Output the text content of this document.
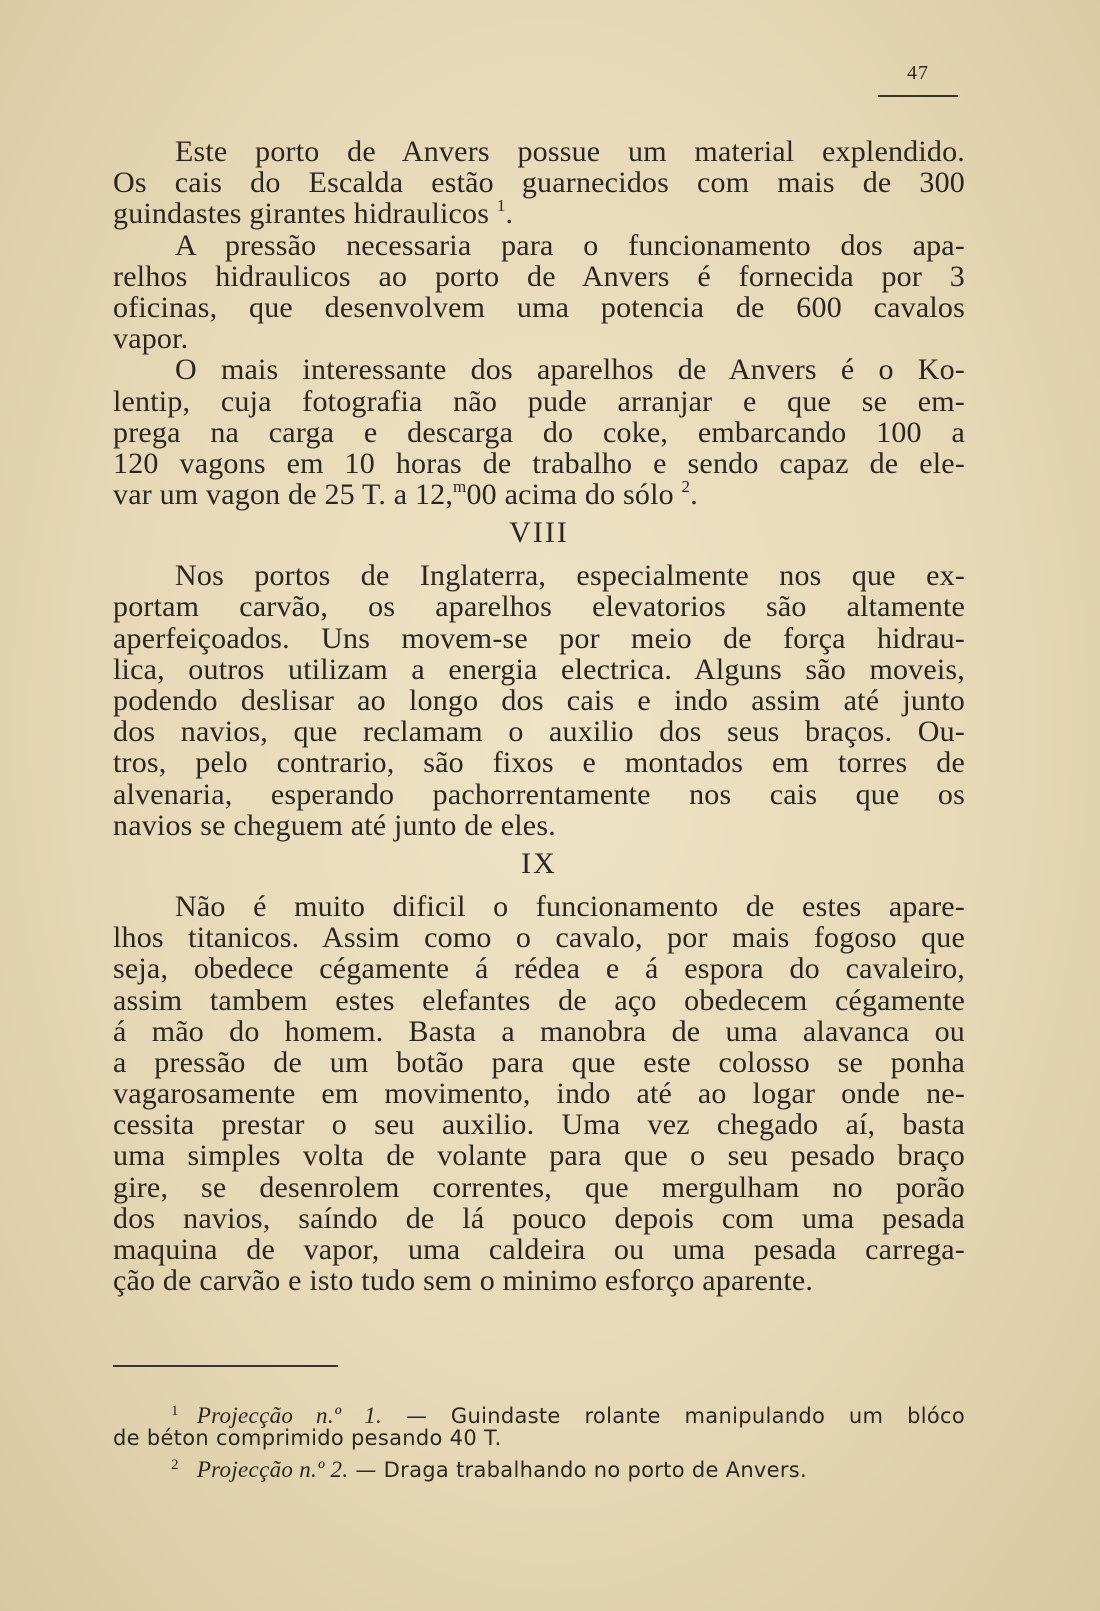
47
Este porto de Anvers possue um material explendido.
Os cais do Escalda estão guarnecidos com mais de 300
guindastes girantes hidraulicos $^1$.
A pressão necessaria para o funcionamento dos apa-
relhos hidraulicos ao porto de Anvers é fornecida por 3
oficinas, que desenvolvem uma potencia de 600 cavalos
vapor.
O mais interessante dos aparelhos de Anvers é o Ko-
lentip, cuja fotografia não pude arranjar e que se em-
prega na carga e descarga do coke, embarcando 100 a
120 vagons em 10 horas de trabalho e sendo capaz de ele-
var um vagon de 25 T. a 12,$^m$00 acima do sólo $^2$.
VIII
Nos portos de Inglaterra, especialmente nos que ex-
portam carvão, os aparelhos elevatorios são altamente
aperfeiçoados. Uns movem-se por meio de força hidrau-
lica, outros utilizam a energia electrica. Alguns são moveis,
podendo deslisar ao longo dos cais e indo assim até junto
dos navios, que reclamam o auxilio dos seus braços. Ou-
tros, pelo contrario, são fixos e montados em torres de
alvenaria, esperando pachorrentamente nos cais que os
navios se cheguem até junto de eles.
IX
Não é muito dificil o funcionamento de estes apare-
lhos titanicos. Assim como o cavalo, por mais fogoso que
seja, obedece cégamente á rédea e á espora do cavaleiro,
assim tambem estes elefantes de aço obedecem cégamente
á mão do homem. Basta a manobra de uma alavanca ou
a pressão de um botão para que este colosso se ponha
vagarosamente em movimento, indo até ao logar onde ne-
cessita prestar o seu auxilio. Uma vez chegado aí, basta
uma simples volta de volante para que o seu pesado braço
gire, se desenrolem correntes, que mergulham no porão
dos navios, saíndo de lá pouco depois com uma pesada
maquina de vapor, uma caldeira ou uma pesada carrega-
ção de carvão e isto tudo sem o minimo esforço aparente.
$^1$ Projecção n.º 1. — Guindaste rolante manipulando um blóco
de béton comprimido pesando 40 T.
$^2$ Projecção n.º 2. — Draga trabalhando no porto de Anvers.
